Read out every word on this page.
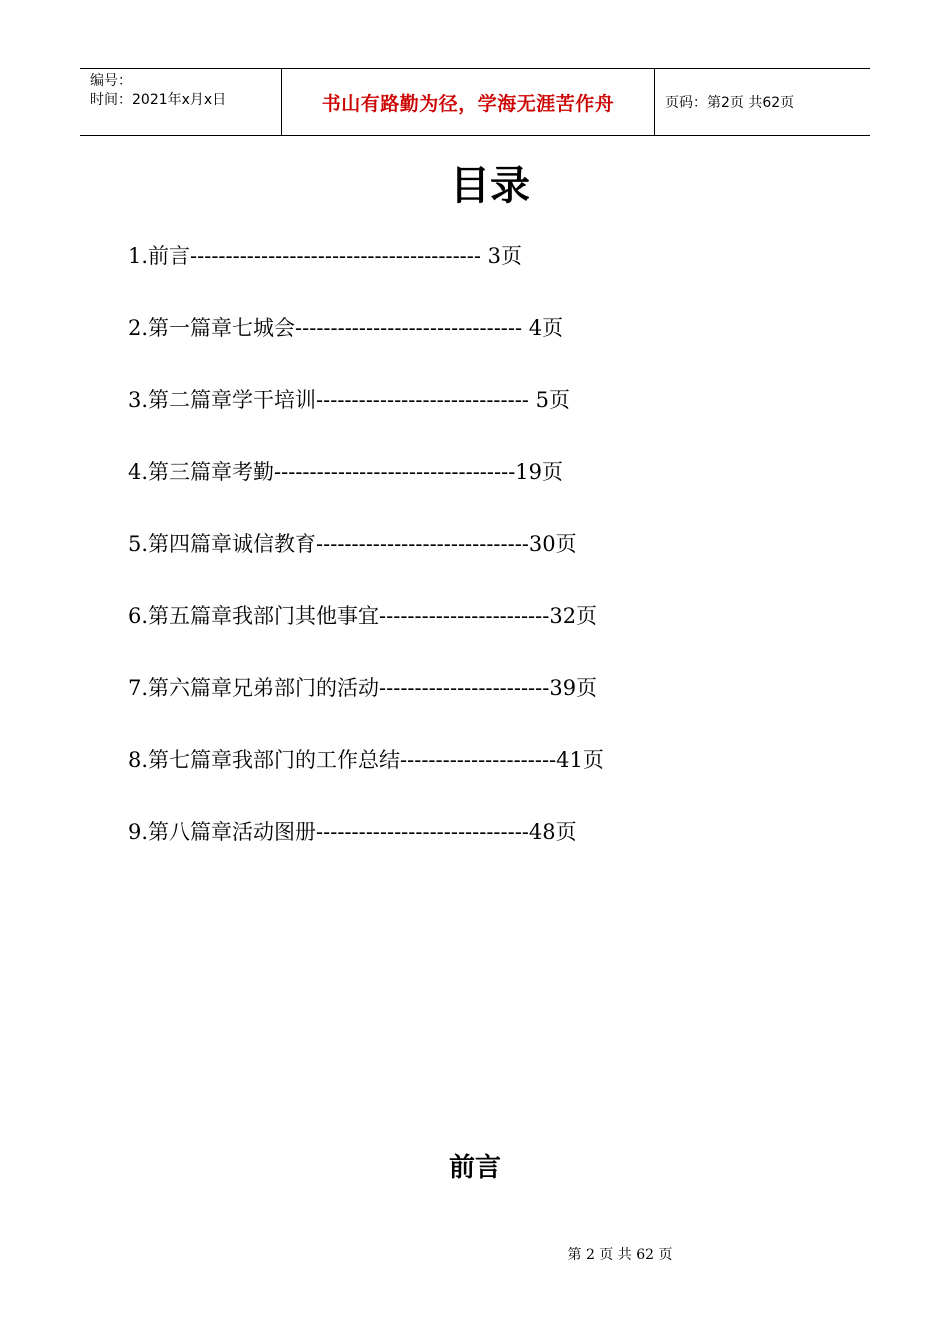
编号：
时间：2021年x月x日	书山有路勤为径，学海无涯苦作舟	页码：第2页 共62页
目录
1.前言----------------------------------------- 3页
2.第一篇章七城会-------------------------------- 4页
3.第二篇章学干培训------------------------------ 5页
4.第三篇章考勤----------------------------------19页
5.第四篇章诚信教育------------------------------30页
6.第五篇章我部门其他事宜------------------------32页
7.第六篇章兄弟部门的活动------------------------39页
8.第七篇章我部门的工作总结----------------------41页
9.第八篇章活动图册------------------------------48页
前言
第 2 页 共 62 页
